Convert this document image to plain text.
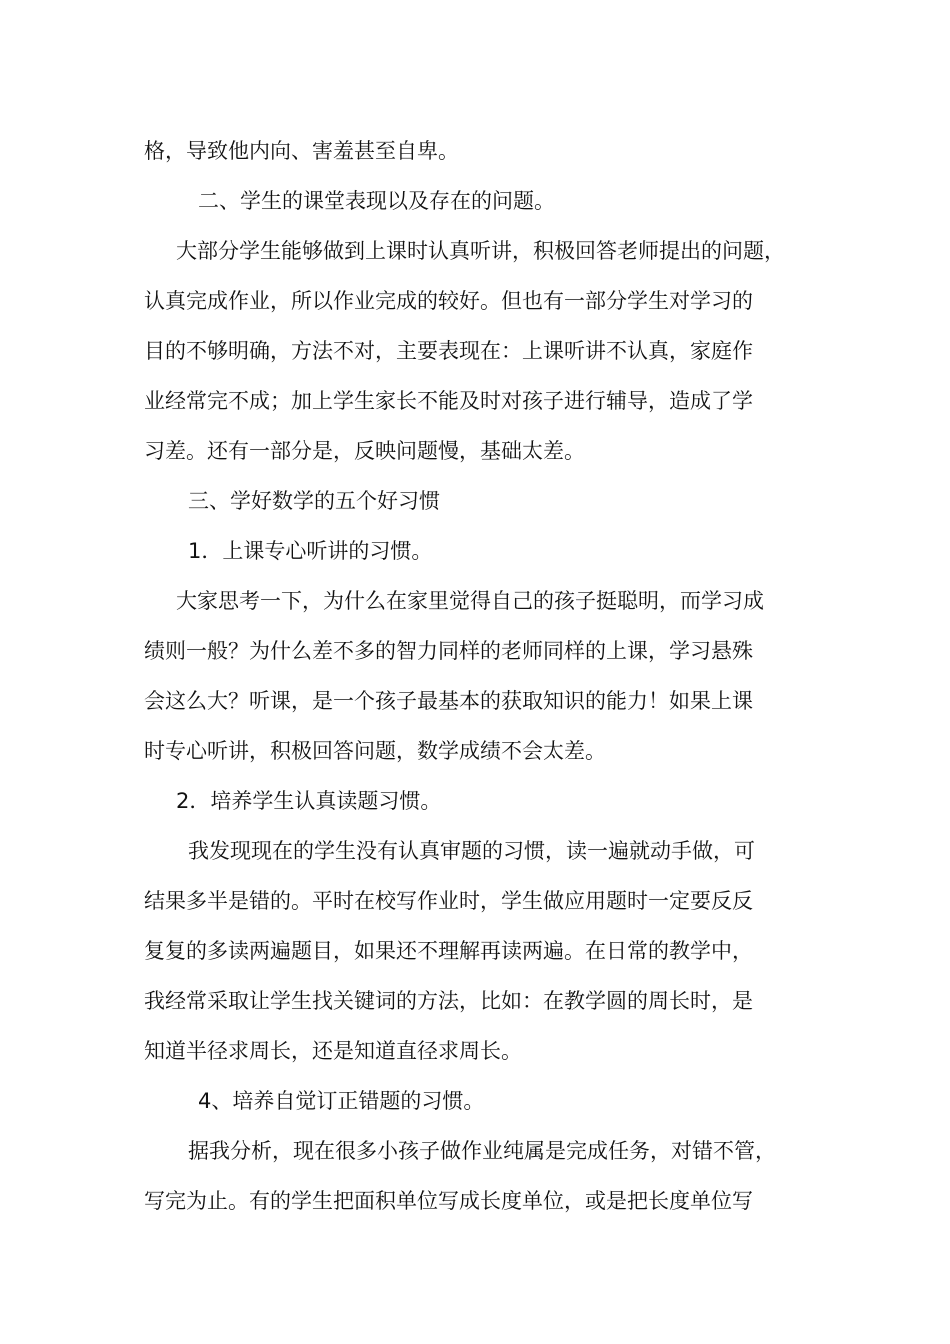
格，导致他内向、害羞甚至自卑。
二、学生的课堂表现以及存在的问题。
大部分学生能够做到上课时认真听讲，积极回答老师提出的问题，
认真完成作业，所以作业完成的较好。但也有一部分学生对学习的
目的不够明确，方法不对，主要表现在：上课听讲不认真，家庭作
业经常完不成；加上学生家长不能及时对孩子进行辅导，造成了学
习差。还有一部分是，反映问题慢，基础太差。
三、学好数学的五个好习惯
1．上课专心听讲的习惯。
大家思考一下，为什么在家里觉得自己的孩子挺聪明，而学习成
绩则一般？为什么差不多的智力同样的老师同样的上课，学习悬殊
会这么大？听课，是一个孩子最基本的获取知识的能力！如果上课
时专心听讲，积极回答问题，数学成绩不会太差。
2．培养学生认真读题习惯。
我发现现在的学生没有认真审题的习惯，读一遍就动手做，可
结果多半是错的。平时在校写作业时，学生做应用题时一定要反反
复复的多读两遍题目，如果还不理解再读两遍。在日常的教学中，
我经常采取让学生找关键词的方法，比如：在教学圆的周长时，是
知道半径求周长，还是知道直径求周长。
4、培养自觉订正错题的习惯。
据我分析，现在很多小孩子做作业纯属是完成任务，对错不管，
写完为止。有的学生把面积单位写成长度单位，或是把长度单位写
